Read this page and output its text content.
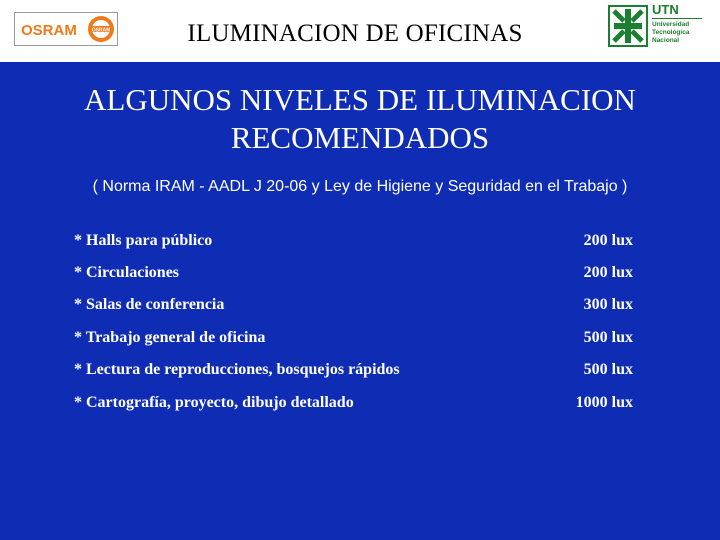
OSRAM	OSRAM	ILUMINACION DE OFICINAS
UTN
Universidad
Tecnológica
Nacional
ALGUNOS NIVELES DE ILUMINACION
RECOMENDADOS
( Norma IRAM - AADL J 20-06 y Ley de Higiene y Seguridad en el Trabajo )
* Halls para público	200 lux
* Circulaciones	200 lux
* Salas de conferencia	300 lux
* Trabajo general de oficina	500 lux
* Lectura de reproducciones, bosquejos rápidos	500 lux
* Cartografía, proyecto, dibujo detallado	1000 lux
